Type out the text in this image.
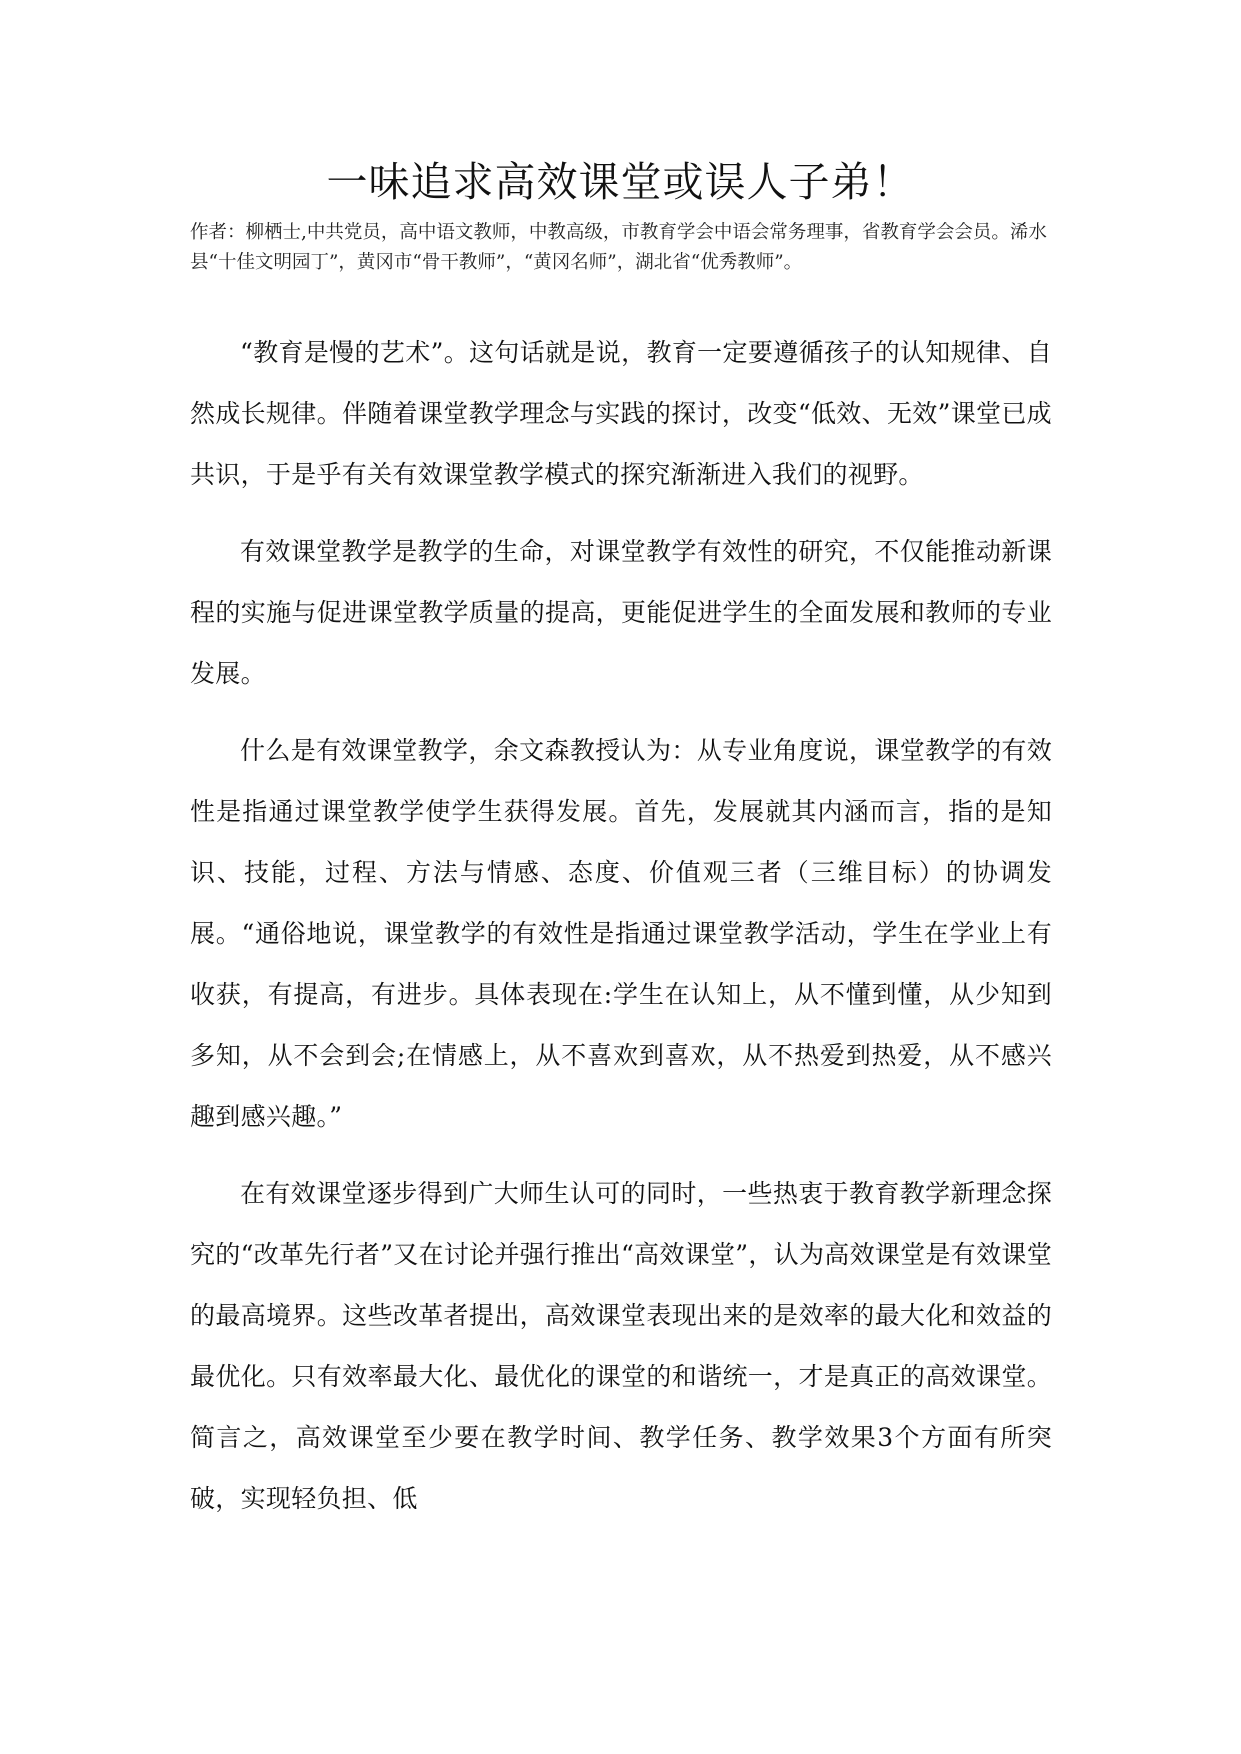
一味追求高效课堂或误人子弟！

作者：柳栖士,中共党员，高中语文教师，中教高级，市教育学会中语会常务理事，省教育学会会员。浠水县“十佳文明园丁”，黄冈市“骨干教师”，“黄冈名师”，湖北省“优秀教师”。

“教育是慢的艺术”。这句话就是说，教育一定要遵循孩子的认知规律、自然成长规律。伴随着课堂教学理念与实践的探讨，改变“低效、无效”课堂已成共识，于是乎有关有效课堂教学模式的探究渐渐进入我们的视野。

有效课堂教学是教学的生命，对课堂教学有效性的研究，不仅能推动新课程的实施与促进课堂教学质量的提高，更能促进学生的全面发展和教师的专业发展。

什么是有效课堂教学，余文森教授认为：从专业角度说，课堂教学的有效性是指通过课堂教学使学生获得发展。首先，发展就其内涵而言，指的是知识、技能，过程、方法与情感、态度、价值观三者（三维目标）的协调发展。“通俗地说，课堂教学的有效性是指通过课堂教学活动，学生在学业上有收获，有提高，有进步。具体表现在:学生在认知上，从不懂到懂，从少知到多知，从不会到会;在情感上，从不喜欢到喜欢，从不热爱到热爱，从不感兴趣到感兴趣。”

在有效课堂逐步得到广大师生认可的同时，一些热衷于教育教学新理念探究的“改革先行者”又在讨论并强行推出“高效课堂”，认为高效课堂是有效课堂的最高境界。这些改革者提出，高效课堂表现出来的是效率的最大化和效益的最优化。只有效率最大化、最优化的课堂的和谐统一，才是真正的高效课堂。简言之，高效课堂至少要在教学时间、教学任务、教学效果3个方面有所突破，实现轻负担、低
